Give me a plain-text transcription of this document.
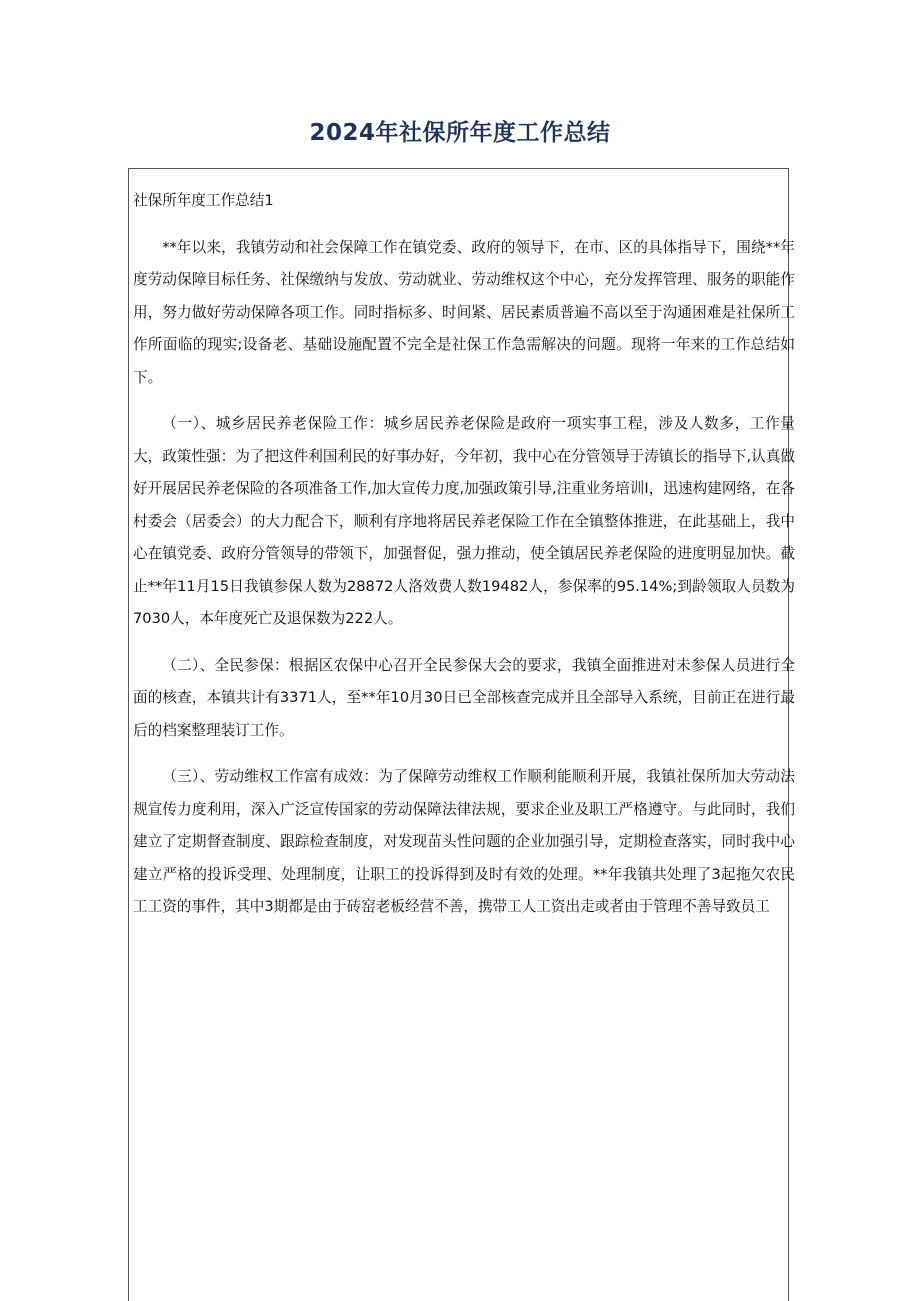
2024年社保所年度工作总结

社保所年度工作总结1

**年以来，我镇劳动和社会保障工作在镇党委、政府的领导下，在市、区的具体指导下，围绕**年度劳动保障目标任务、社保缴纳与发放、劳动就业、劳动维权这个中心，充分发挥管理、服务的职能作用，努力做好劳动保障各项工作。同时指标多、时间紧、居民素质普遍不高以至于沟通困难是社保所工作所面临的现实;设备老、基础设施配置不完全是社保工作急需解决的问题。现将一年来的工作总结如下。

（一）、城乡居民养老保险工作：城乡居民养老保险是政府一项实事工程，涉及人数多，工作量大，政策性强：为了把这件利国利民的好事办好，今年初，我中心在分管领导于涛镇长的指导下,认真做好开展居民养老保险的各项准备工作,加大宣传力度,加强政策引导,注重业务培训I，迅速构建网络，在各村委会（居委会）的大力配合下，顺利有序地将居民养老保险工作在全镇整体推进，在此基础上，我中心在镇党委、政府分管领导的带领下，加强督促，强力推动，使全镇居民养老保险的进度明显加快。截止**年11月15日我镇参保人数为28872人洛效费人数19482人，参保率的95.14%;到龄领取人员数为7030人，本年度死亡及退保数为222人。

（二）、全民参保：根据区农保中心召开全民参保大会的要求，我镇全面推进对未参保人员进行全面的核查，本镇共计有3371人，至**年10月30日已全部核查完成并且全部导入系统，目前正在进行最后的档案整理装订工作。

（三）、劳动维权工作富有成效：为了保障劳动维权工作顺利能顺利开展，我镇社保所加大劳动法规宣传力度利用，深入广泛宣传国家的劳动保障法律法规，要求企业及职工严格遵守。与此同时，我们建立了定期督查制度、跟踪检查制度，对发现苗头性问题的企业加强引导，定期检查落实，同时我中心建立严格的投诉受理、处理制度，让职工的投诉得到及时有效的处理。**年我镇共处理了3起拖欠农民工工资的事件，其中3期都是由于砖窑老板经营不善，携带工人工资出走或者由于管理不善导致员工
